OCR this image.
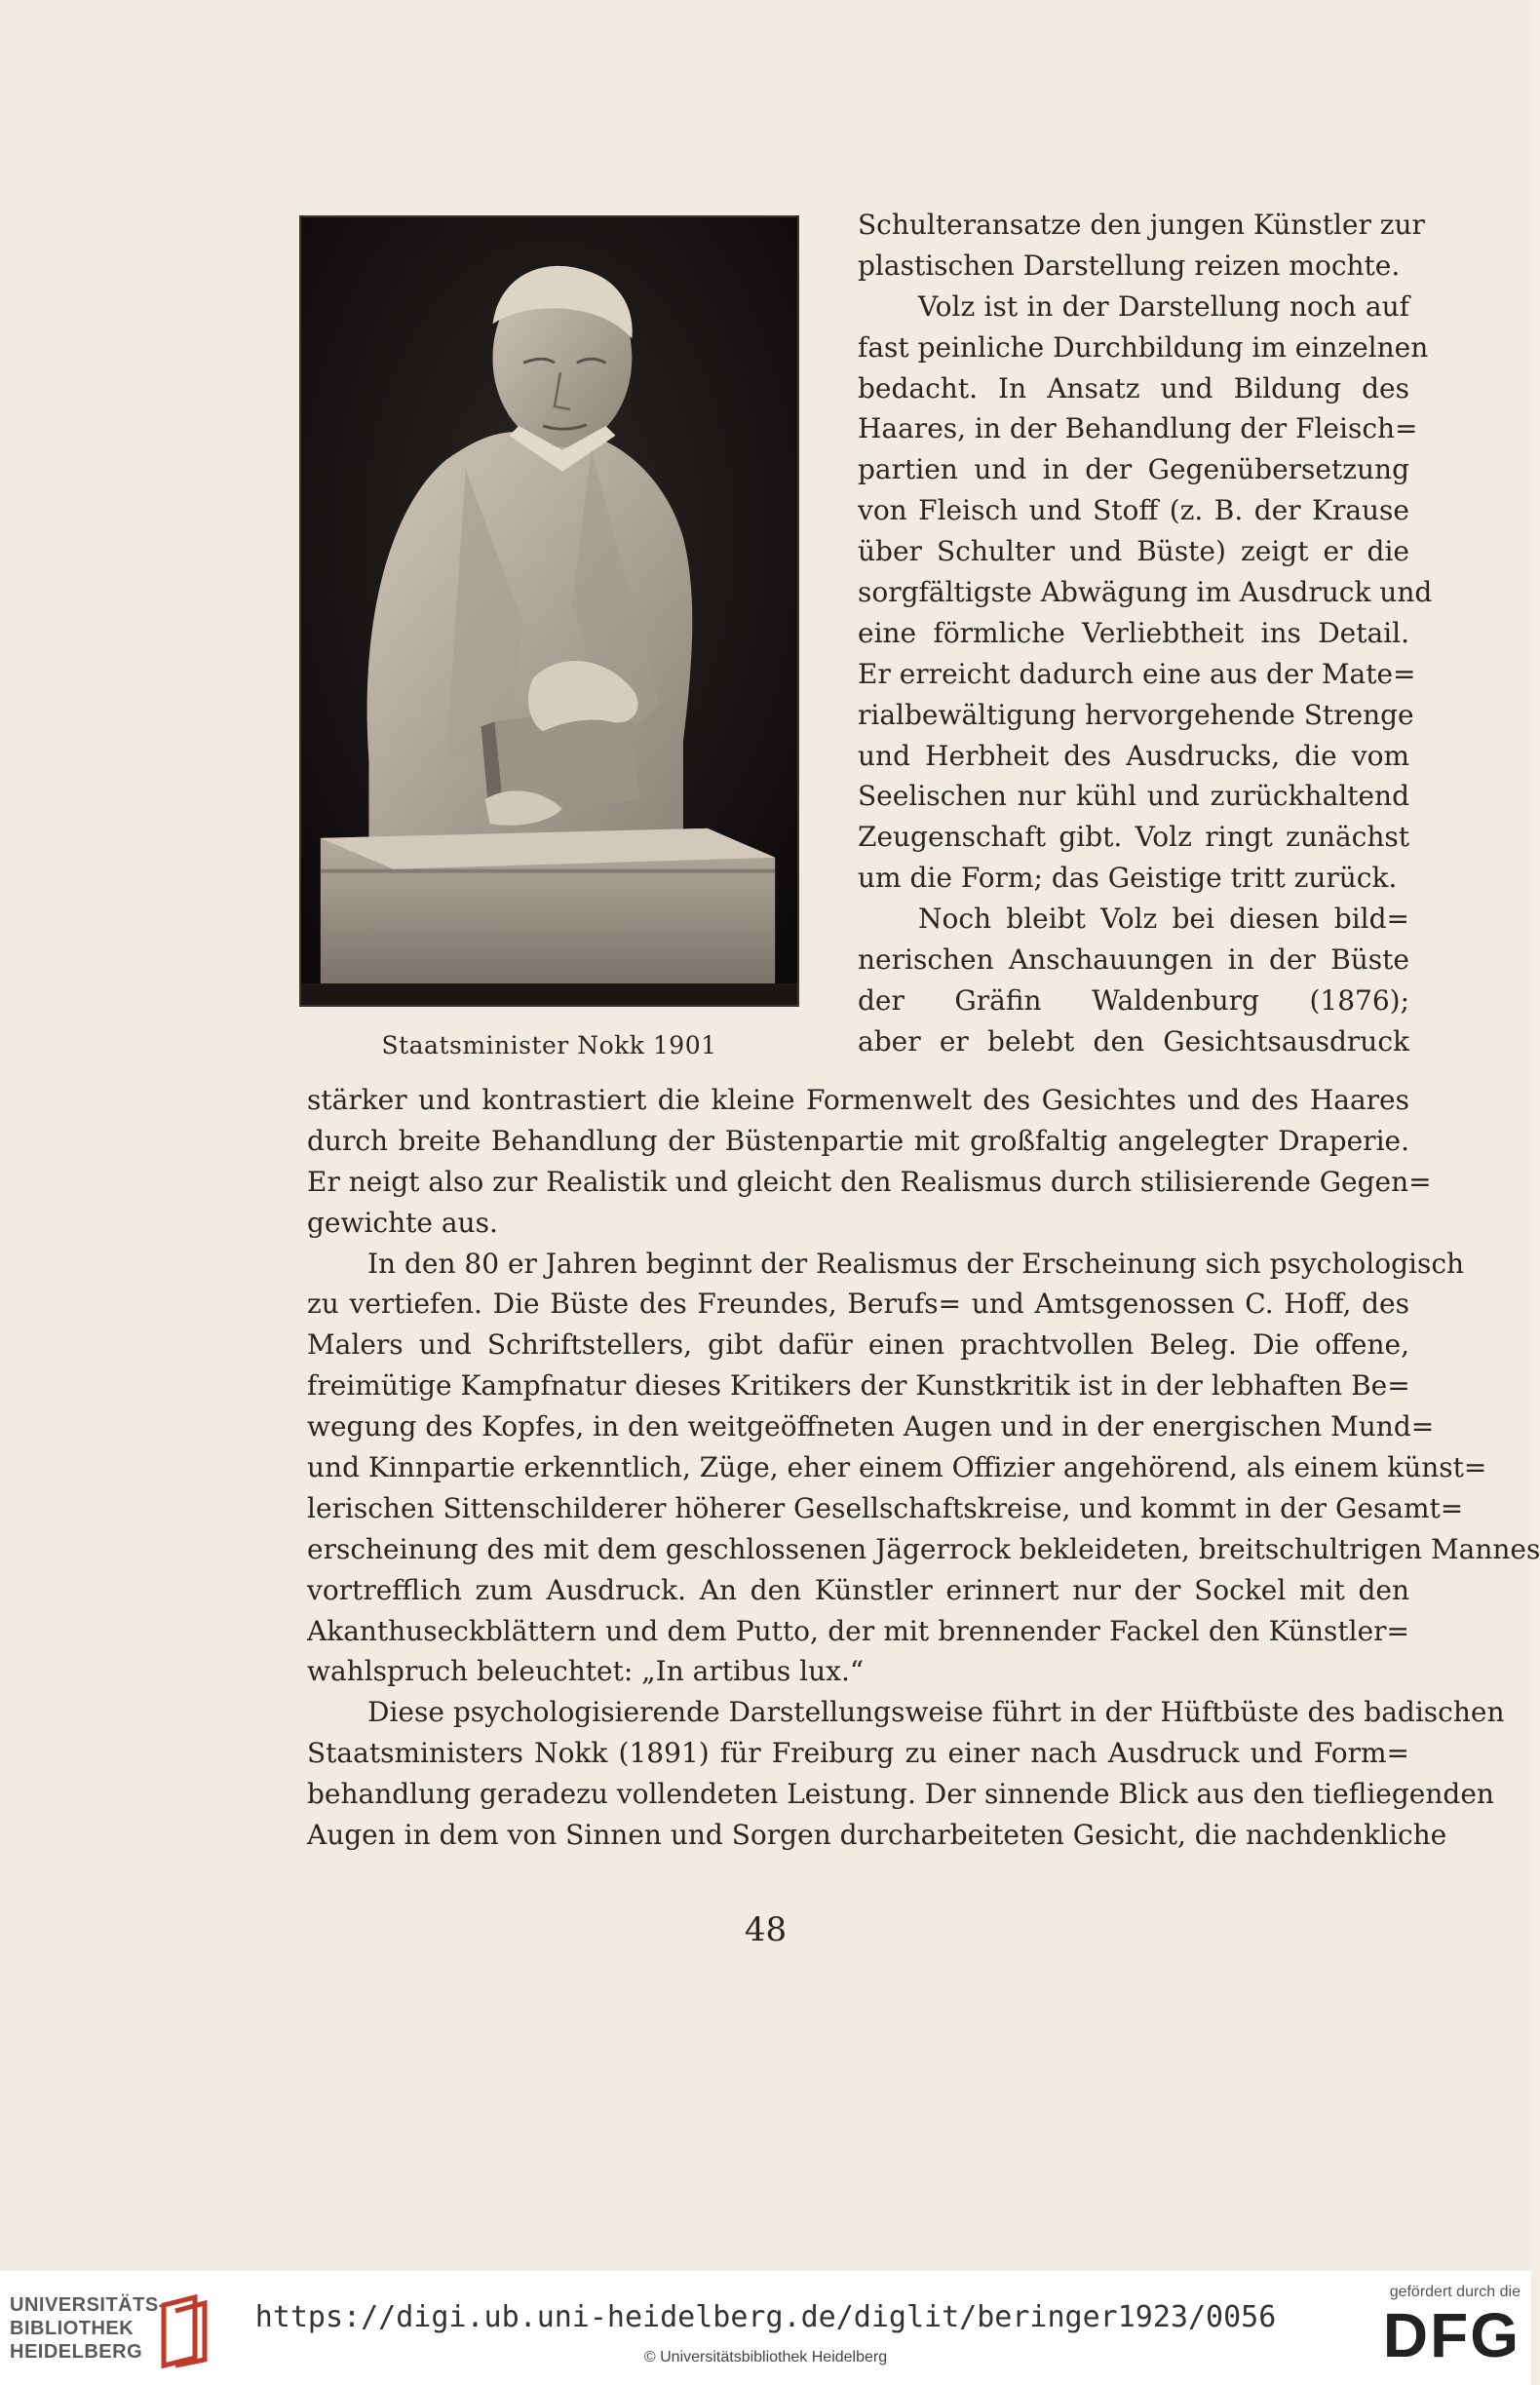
Staatsminister Nokk 1901
Schulteransatze den jungen Künstler zur
plastischen Darstellung reizen mochte.
Volz ist in der Darstellung noch auf
fast peinliche Durchbildung im einzelnen
bedacht. In Ansatz und Bildung des
Haares, in der Behandlung der Fleisch=
partien und in der Gegenübersetzung
von Fleisch und Stoff (z. B. der Krause
über Schulter und Büste) zeigt er die
sorgfältigste Abwägung im Ausdruck und
eine förmliche Verliebtheit ins Detail.
Er erreicht dadurch eine aus der Mate=
rialbewältigung hervorgehende Strenge
und Herbheit des Ausdrucks, die vom
Seelischen nur kühl und zurückhaltend
Zeugenschaft gibt. Volz ringt zunächst
um die Form; das Geistige tritt zurück.
Noch bleibt Volz bei diesen bild=
nerischen Anschauungen in der Büste
der Gräfin Waldenburg (1876);
aber er belebt den Gesichtsausdruck
stärker und kontrastiert die kleine Formenwelt des Gesichtes und des Haares
durch breite Behandlung der Büstenpartie mit großfaltig angelegter Draperie.
Er neigt also zur Realistik und gleicht den Realismus durch stilisierende Gegen=
gewichte aus.
In den 80 er Jahren beginnt der Realismus der Erscheinung sich psychologisch
zu vertiefen. Die Büste des Freundes, Berufs= und Amtsgenossen C. Hoff, des
Malers und Schriftstellers, gibt dafür einen prachtvollen Beleg. Die offene,
freimütige Kampfnatur dieses Kritikers der Kunstkritik ist in der lebhaften Be=
wegung des Kopfes, in den weitgeöffneten Augen und in der energischen Mund=
und Kinnpartie erkenntlich, Züge, eher einem Offizier angehörend, als einem künst=
lerischen Sittenschilderer höherer Gesellschaftskreise, und kommt in der Gesamt=
erscheinung des mit dem geschlossenen Jägerrock bekleideten, breitschultrigen Mannes
vortrefflich zum Ausdruck. An den Künstler erinnert nur der Sockel mit den
Akanthuseckblättern und dem Putto, der mit brennender Fackel den Künstler=
wahlspruch beleuchtet: „In artibus lux.“
Diese psychologisierende Darstellungsweise führt in der Hüftbüste des badischen
Staatsministers Nokk (1891) für Freiburg zu einer nach Ausdruck und Form=
behandlung geradezu vollendeten Leistung. Der sinnende Blick aus den tiefliegenden
Augen in dem von Sinnen und Sorgen durcharbeiteten Gesicht, die nachdenkliche
48
UNIVERSITÄTS-
BIBLIOTHEK
HEIDELBERG
https://digi.ub.uni-heidelberg.de/diglit/beringer1923/0056
© Universitätsbibliothek Heidelberg
gefördert durch die
DFG
